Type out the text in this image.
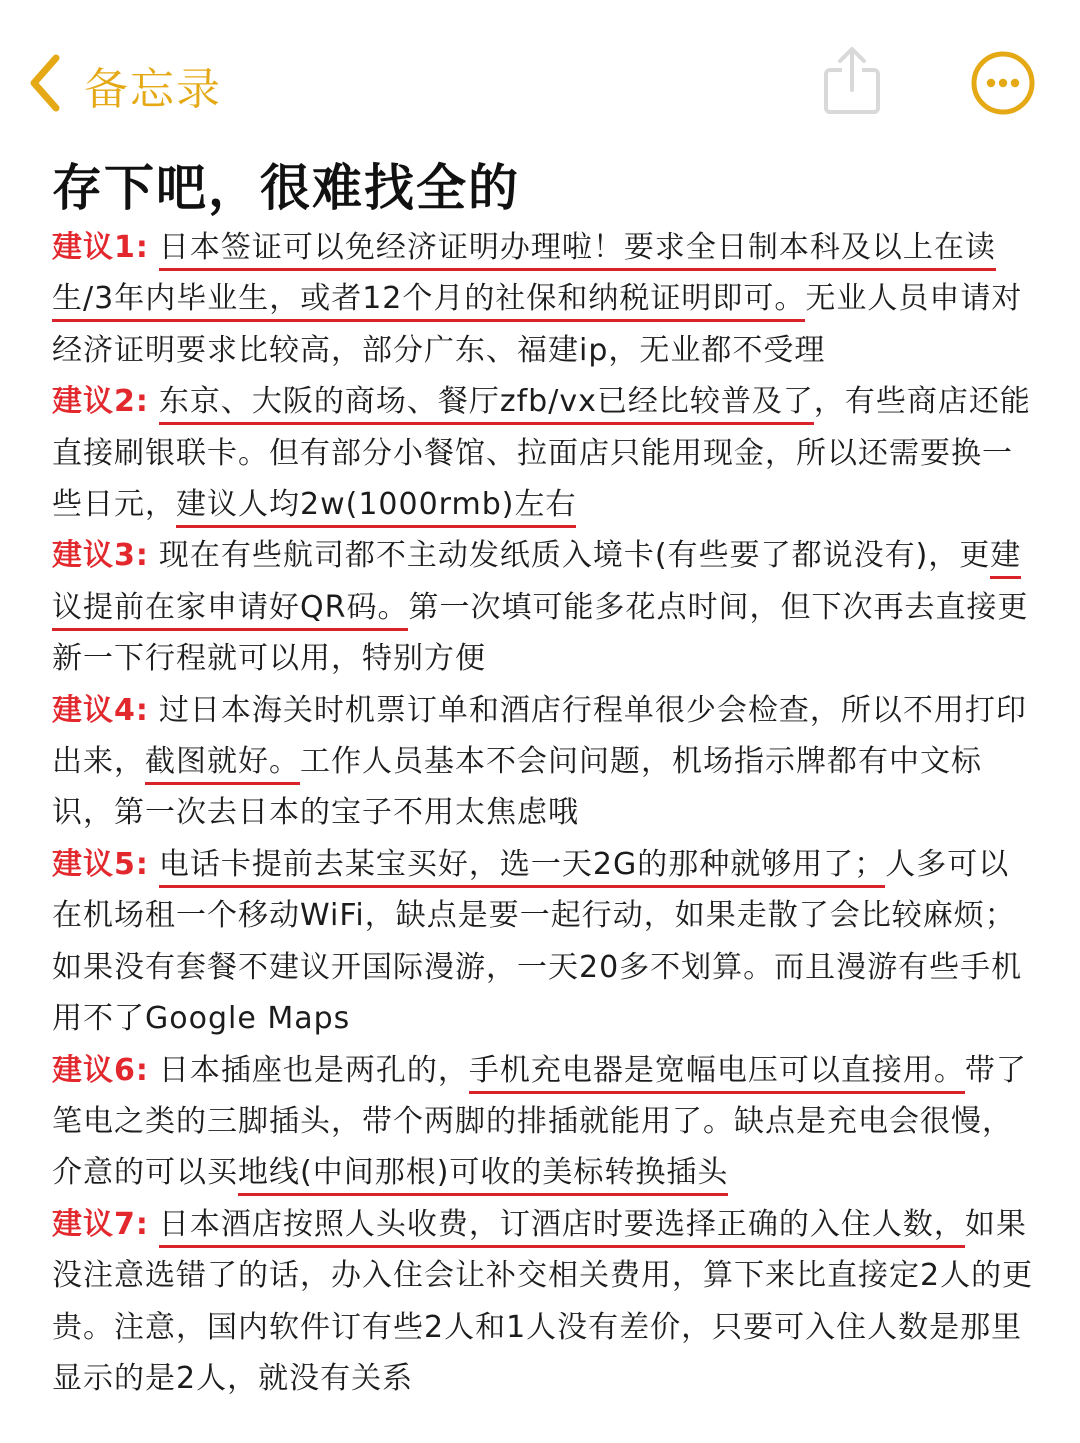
备忘录
存下吧，很难找全的

建议1: 日本签证可以免经济证明办理啦！要求全日制本科及以上在读生/3年内毕业生，或者12个月的社保和纳税证明即可。无业人员申请对经济证明要求比较高，部分广东、福建ip，无业都不受理

建议2: 东京、大阪的商场、餐厅zfb/vx已经比较普及了，有些商店还能直接刷银联卡。但有部分小餐馆、拉面店只能用现金，所以还需要换一些日元，建议人均2w(1000rmb)左右

建议3: 现在有些航司都不主动发纸质入境卡(有些要了都说没有)，更建议提前在家申请好QR码。第一次填可能多花点时间，但下次再去直接更新一下行程就可以用，特别方便

建议4: 过日本海关时机票订单和酒店行程单很少会检查，所以不用打印出来，截图就好。工作人员基本不会问问题，机场指示牌都有中文标识，第一次去日本的宝子不用太焦虑哦

建议5: 电话卡提前去某宝买好，选一天2G的那种就够用了；人多可以在机场租一个移动WiFi，缺点是要一起行动，如果走散了会比较麻烦；如果没有套餐不建议开国际漫游，一天20多不划算。而且漫游有些手机用不了Google Maps

建议6: 日本插座也是两孔的，手机充电器是宽幅电压可以直接用。带了笔电之类的三脚插头，带个两脚的排插就能用了。缺点是充电会很慢，介意的可以买地线(中间那根)可收的美标转换插头

建议7: 日本酒店按照人头收费，订酒店时要选择正确的入住人数，如果没注意选错了的话，办入住会让补交相关费用，算下来比直接定2人的更贵。注意，国内软件订有些2人和1人没有差价，只要可入住人数是那里显示的是2人，就没有关系
